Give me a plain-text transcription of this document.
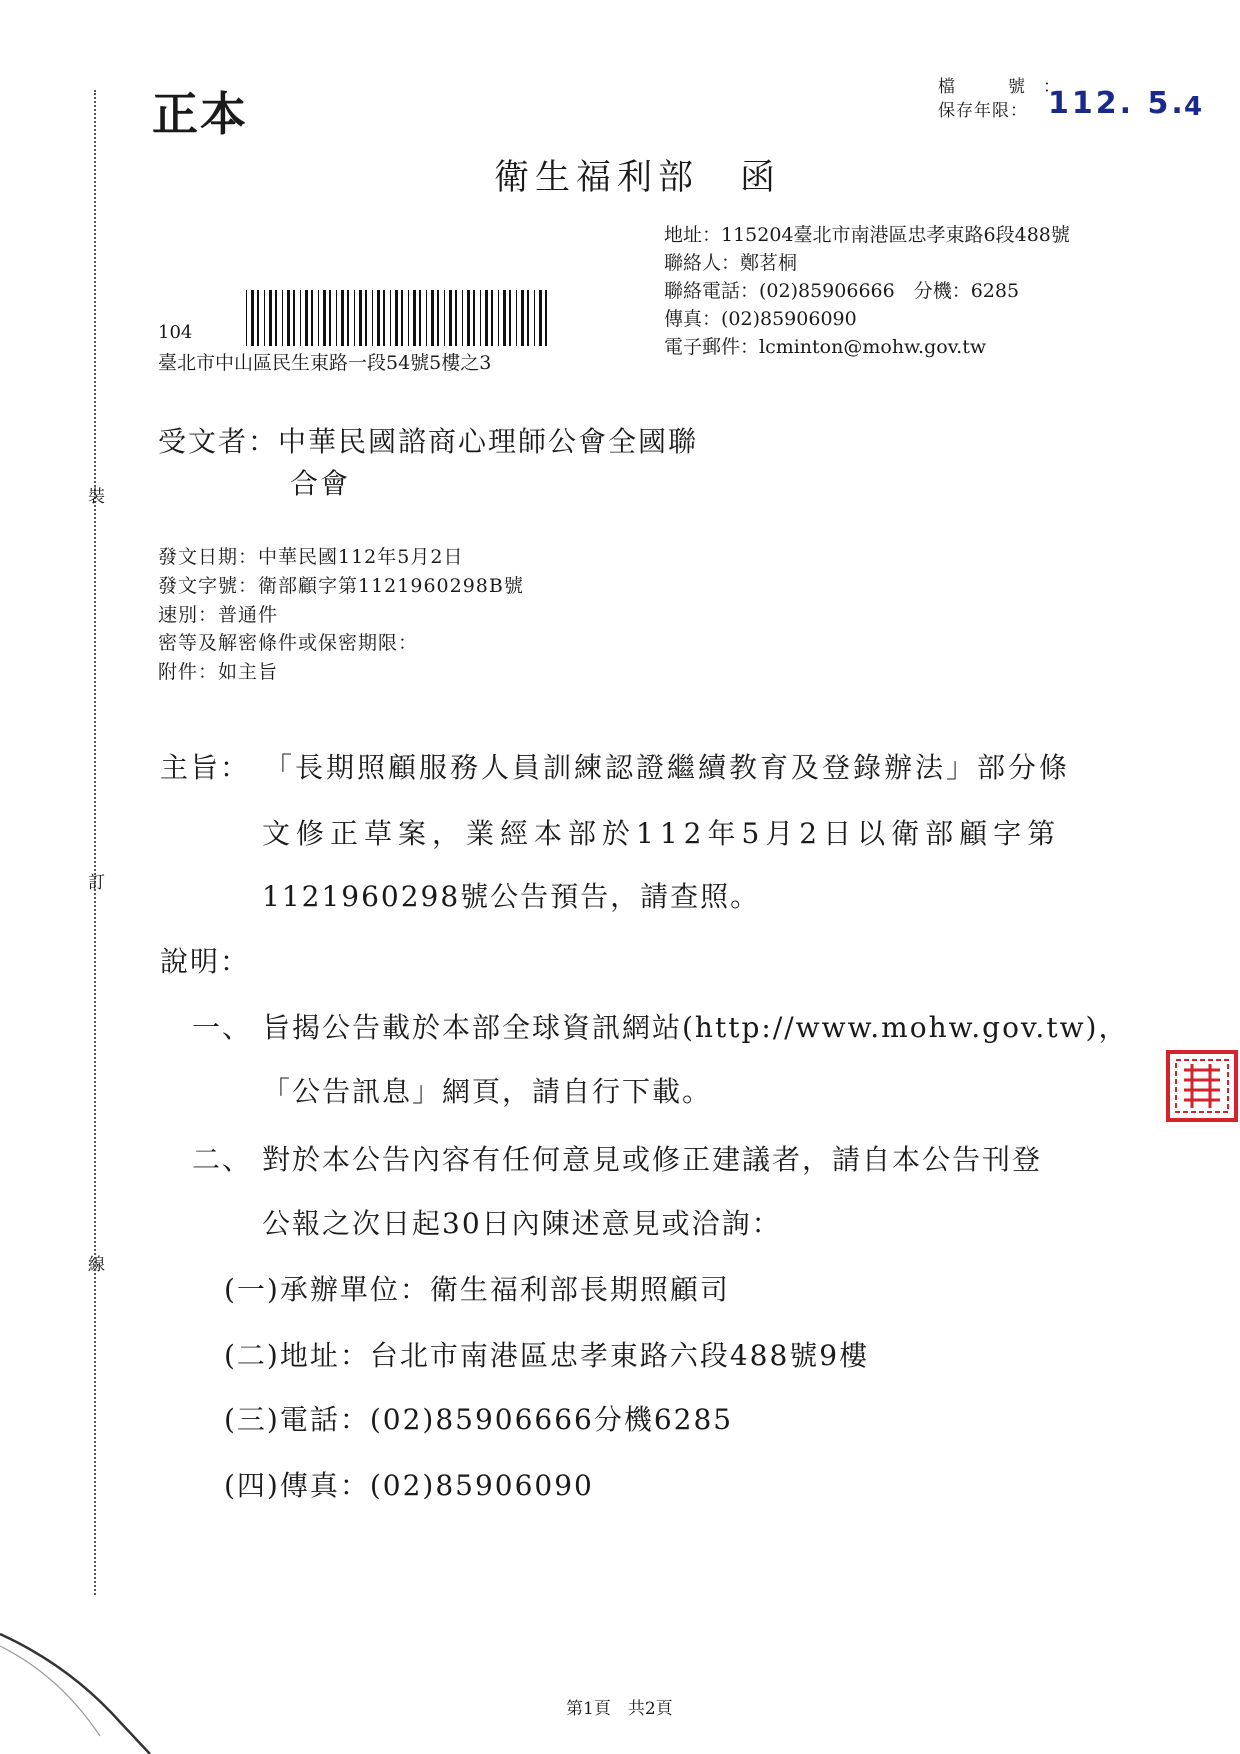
裝
訂
線
正本	檔　號：
保存年限： 112. 5.
4
衛生福利部　函
地址：115204臺北市南港區忠孝東路6段488號
聯絡人：鄭茗桐
聯絡電話：(02)85906666　分機：6285
傳真：(02)85906090
電子郵件：lcminton@mohw.gov.tw
104
臺北市中山區民生東路一段54號5樓之3
受文者：中華民國諮商心理師公會全國聯
合會
發文日期：中華民國112年5月2日
發文字號：衛部顧字第1121960298B號
速別：普通件
密等及解密條件或保密期限：
附件：如主旨
主旨： 「長期照顧服務人員訓練認證繼續教育及登錄辦法」部分條
文修正草案，業經本部於112年5月2日以衛部顧字第
1121960298號公告預告，請查照。
說明：
一、 旨揭公告載於本部全球資訊網站(http://www.mohw.gov.tw)，
「公告訊息」網頁，請自行下載。
二、 對於本公告內容有任何意見或修正建議者，請自本公告刊登
公報之次日起30日內陳述意見或洽詢：
(一)承辦單位：衛生福利部長期照顧司
(二)地址：台北市南港區忠孝東路六段488號9樓
(三)電話：(02)85906666分機6285
(四)傳真：(02)85906090
第1頁　共2頁
